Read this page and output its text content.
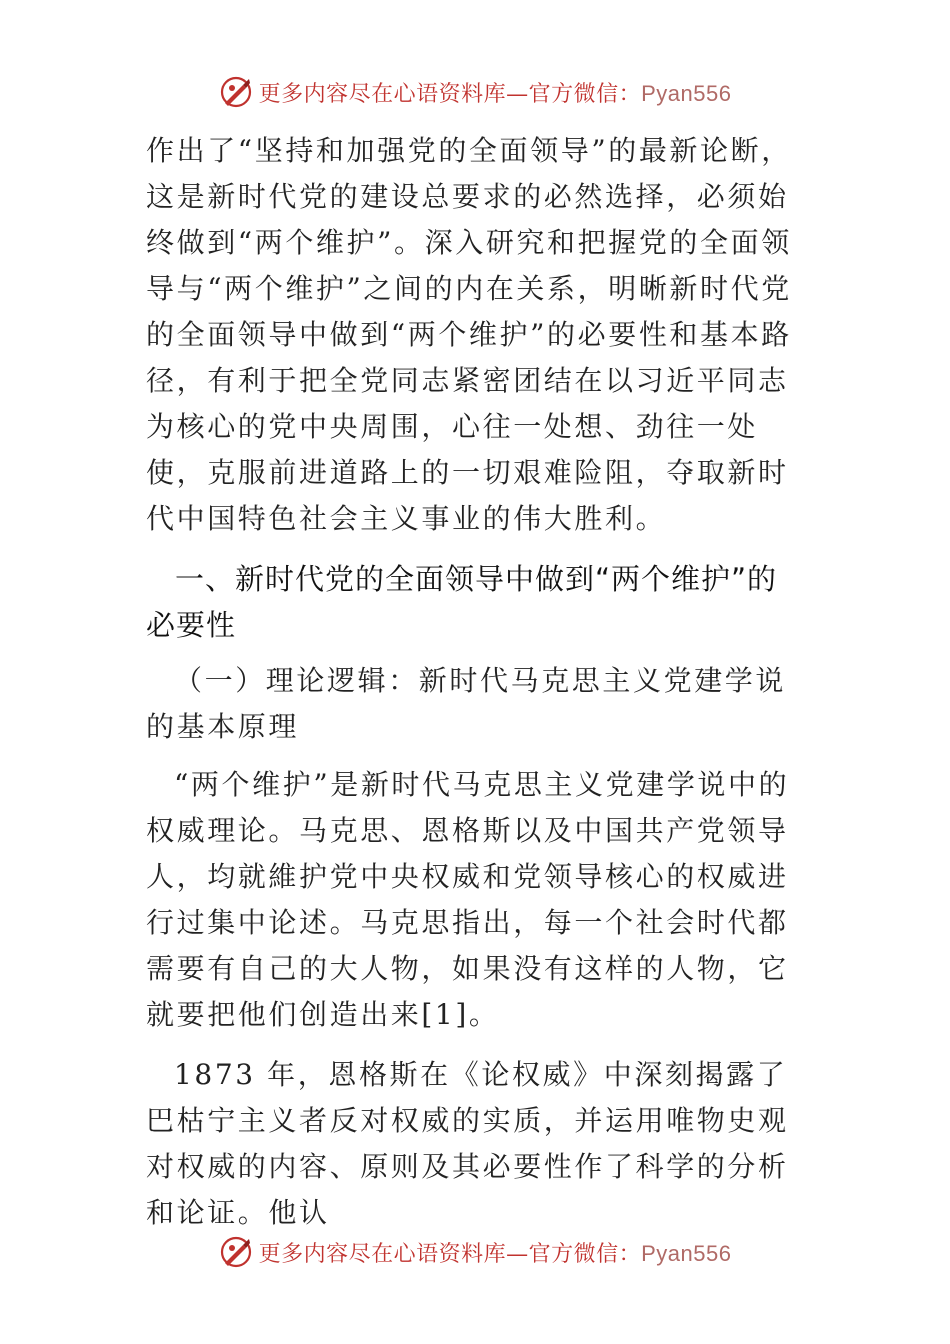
更多内容尽在心语资料库—官方微信：Pyan556

作出了“坚持和加强党的全面领导”的最新论断，这是新时代党的建设总要求的必然选择，必须始终做到“两个维护”。深入研究和把握党的全面领导与“两个维护”之间的内在关系，明晰新时代党的全面领导中做到“两个维护”的必要性和基本路径，有利于把全党同志紧密团结在以习近平同志为核心的党中央周围，心往一处想、劲往一处使，克服前进道路上的一切艰难险阻，夺取新时代中国特色社会主义事业的伟大胜利。

一、新时代党的全面领导中做到“两个维护”的必要性

（一）理论逻辑：新时代马克思主义党建学说的基本原理

“两个维护”是新时代马克思主义党建学说中的权威理论。马克思、恩格斯以及中国共产党领导人，均就維护党中央权威和党领导核心的权威进行过集中论述。马克思指出，每一个社会时代都需要有自己的大人物，如果没有这样的人物，它就要把他们创造出来[1]。

1873 年，恩格斯在《论权威》中深刻揭露了巴枯宁主义者反对权威的实质，并运用唯物史观对权威的内容、原则及其必要性作了科学的分析和论证。他认

更多内容尽在心语资料库—官方微信：Pyan556
